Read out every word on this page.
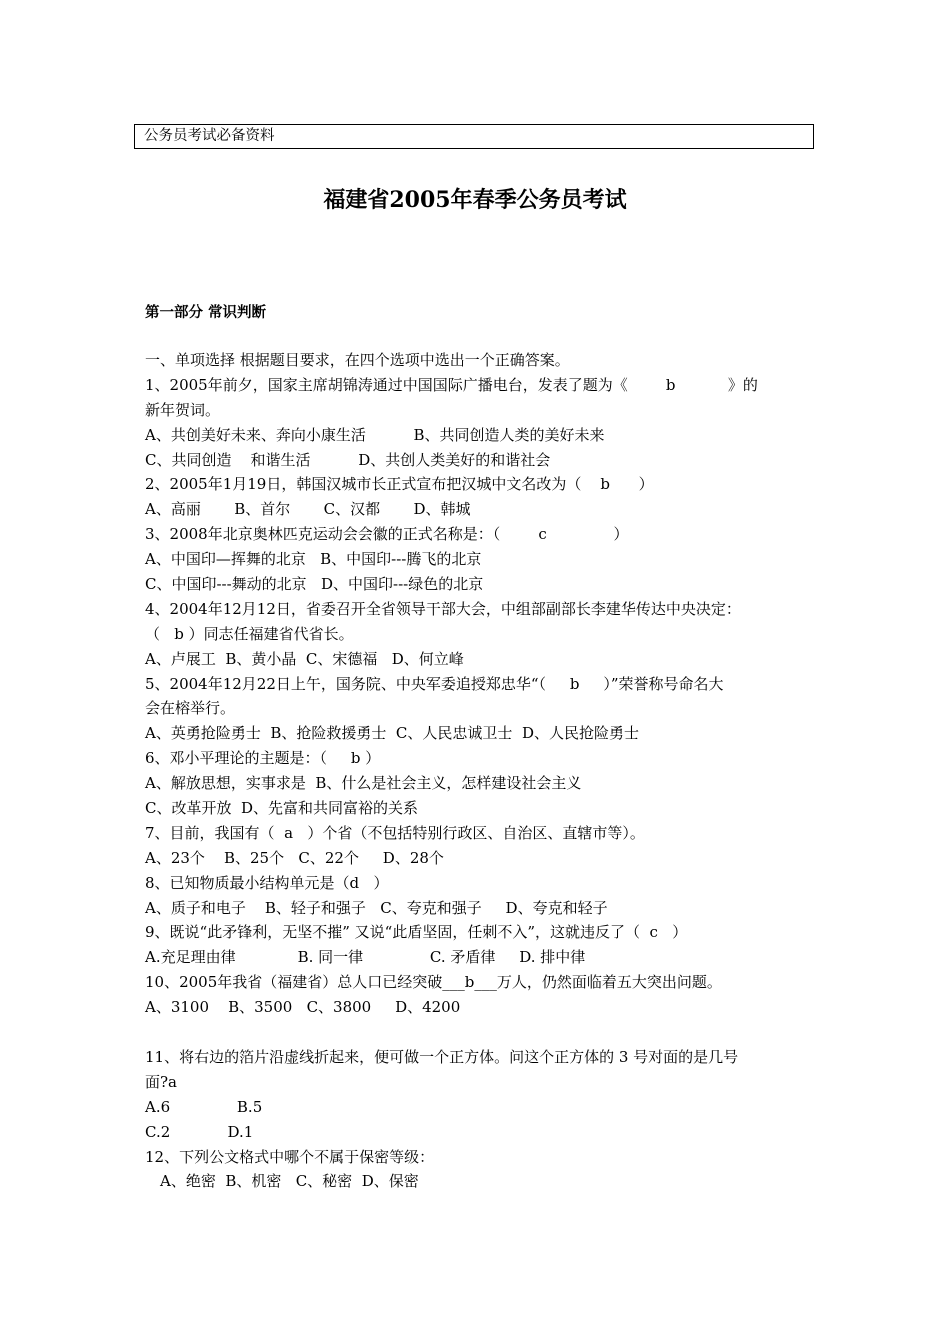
公务员考试必备资料
福建省2005年春季公务员考试
第一部分 常识判断
一、单项选择 根据题目要求，在四个选项中选出一个正确答案。
1、2005年前夕，国家主席胡锦涛通过中国国际广播电台，发表了题为《        b           》的
新年贺词。
A、共创美好未来、奔向小康生活          B、共同创造人类的美好未来
C、共同创造    和谐生活          D、共创人类美好的和谐社会
2、2005年1月19日，韩国汉城市长正式宣布把汉城中文名改为（    b      ）
A、高丽       B、首尔       C、汉都       D、韩城
3、2008年北京奥林匹克运动会会徽的正式名称是：（        c              ）
A、中国印—挥舞的北京   B、中国印---腾飞的北京
C、中国印---舞动的北京   D、中国印---绿色的北京
4、2004年12月12日，省委召开全省领导干部大会，中组部副部长李建华传达中央决定：
（   b ）同志任福建省代省长。
A、卢展工  B、黄小晶  C、宋德福   D、何立峰
5、2004年12月22日上午，国务院、中央军委追授郑忠华“（     b     ）”荣誉称号命名大
会在榕举行。
A、英勇抢险勇士  B、抢险救援勇士  C、人民忠诚卫士  D、人民抢险勇士
6、邓小平理论的主题是：（     b ）
A、解放思想，实事求是  B、什么是社会主义，怎样建设社会主义
C、改革开放  D、先富和共同富裕的关系
7、目前，我国有（  a   ）个省（不包括特别行政区、自治区、直辖市等）。
A、23个    B、25个   C、22个     D、28个
8、已知物质最小结构单元是（d   ）
A、质子和电子    B、轻子和强子   C、夸克和强子     D、夸克和轻子
9、既说“此矛锋利，无坚不摧” 又说“此盾坚固，任刺不入”，这就违反了（  c   ）
A.充足理由律             B. 同一律              C. 矛盾律     D. 排中律
10、2005年我省（福建省）总人口已经突破___b___万人，仍然面临着五大突出问题。
A、3100    B、3500   C、3800     D、4200
11、将右边的箔片沿虚线折起来，便可做一个正方体。问这个正方体的 3 号对面的是几号
面?a
A.6              B.5
C.2            D.1
12、下列公文格式中哪个不属于保密等级：
A、绝密  B、机密   C、秘密  D、保密
